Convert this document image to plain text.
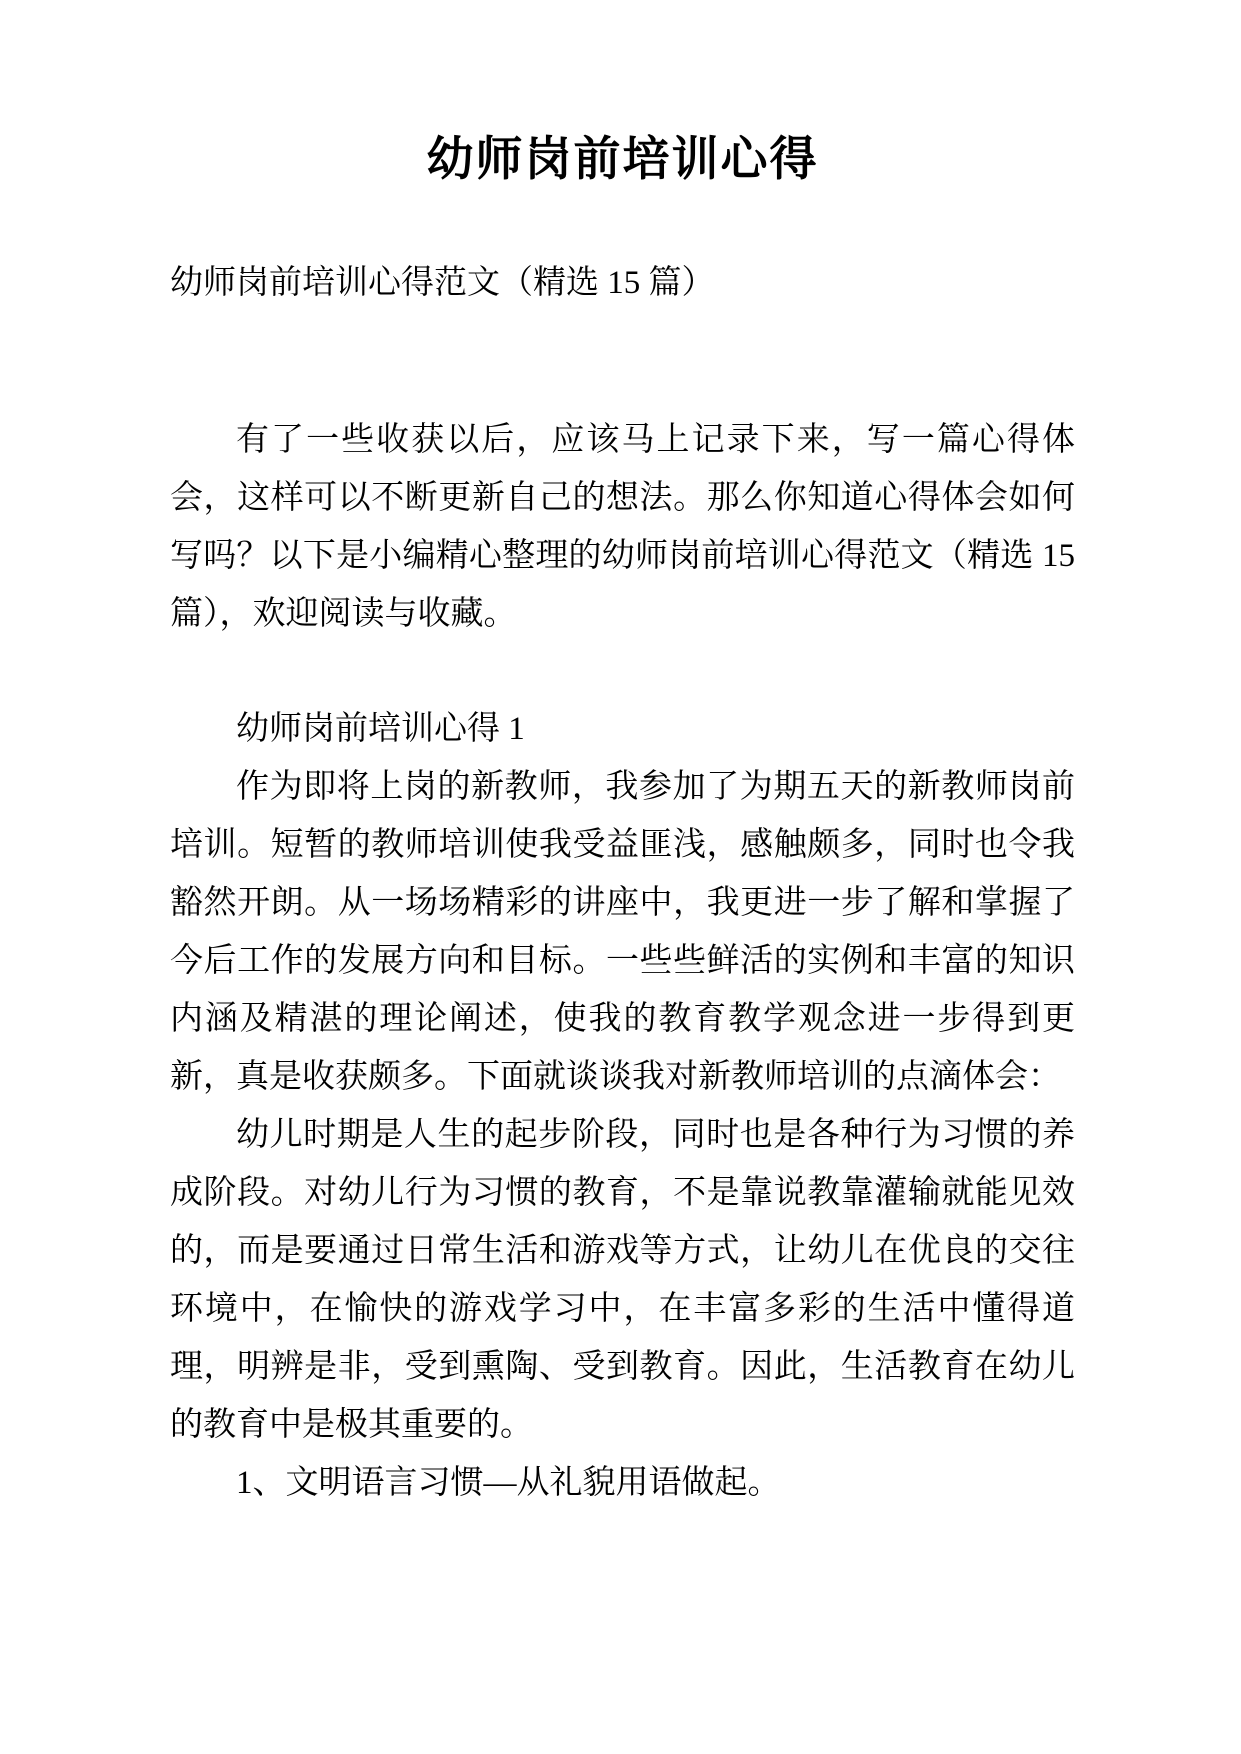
幼师岗前培训心得

幼师岗前培训心得范文（精选 15 篇）

有了一些收获以后，应该马上记录下来，写一篇心得体会，这样可以不断更新自己的想法。那么你知道心得体会如何写吗？以下是小编精心整理的幼师岗前培训心得范文（精选 15 篇），欢迎阅读与收藏。

幼师岗前培训心得 1

作为即将上岗的新教师，我参加了为期五天的新教师岗前培训。短暂的教师培训使我受益匪浅，感触颇多，同时也令我豁然开朗。从一场场精彩的讲座中，我更进一步了解和掌握了今后工作的发展方向和目标。一些些鲜活的实例和丰富的知识内涵及精湛的理论阐述，使我的教育教学观念进一步得到更新，真是收获颇多。下面就谈谈我对新教师培训的点滴体会：

幼儿时期是人生的起步阶段，同时也是各种行为习惯的养成阶段。对幼儿行为习惯的教育，不是靠说教靠灌输就能见效的，而是要通过日常生活和游戏等方式，让幼儿在优良的交往环境中，在愉快的游戏学习中，在丰富多彩的生活中懂得道理，明辨是非，受到熏陶、受到教育。因此，生活教育在幼儿的教育中是极其重要的。

1、文明语言习惯—从礼貌用语做起。
